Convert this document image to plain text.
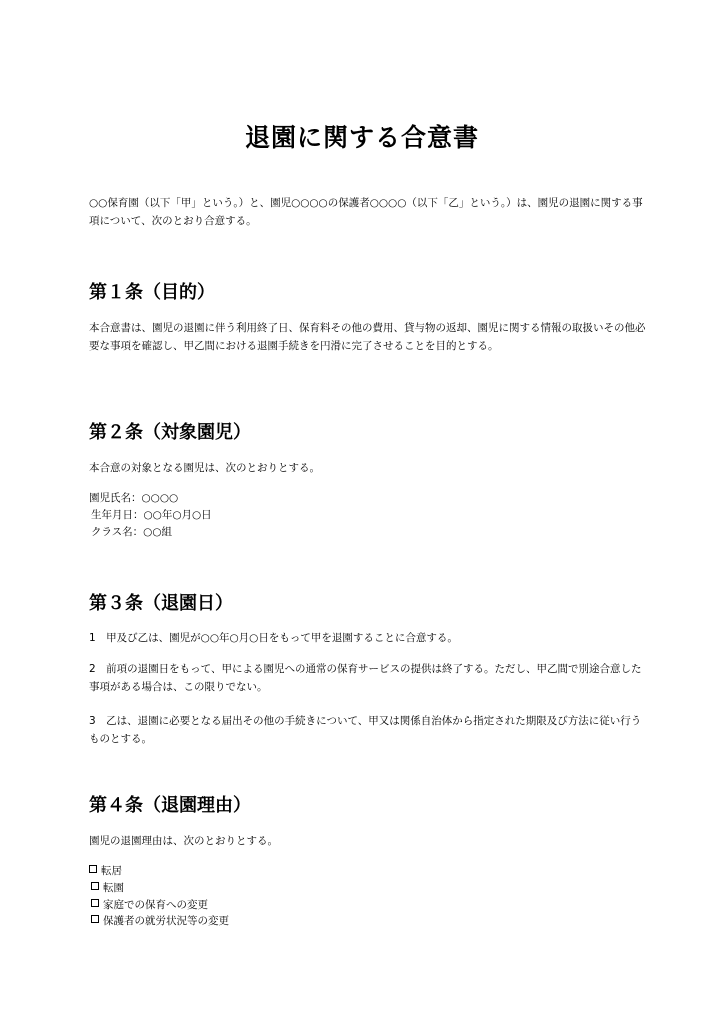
退園に関する合意書

○○保育園（以下「甲」という。）と、園児○○○○の保護者○○○○（以下「乙」という。）は、園児の退園に関する事項について、次のとおり合意する。

第１条（目的）

本合意書は、園児の退園に伴う利用終了日、保育料その他の費用、貸与物の返却、園児に関する情報の取扱いその他必要な事項を確認し、甲乙間における退園手続きを円滑に完了させることを目的とする。

第２条（対象園児）

本合意の対象となる園児は、次のとおりとする。

園児氏名：○○○○
生年月日：○○年○月○日
クラス名：○○組
第３条（退園日）

1　甲及び乙は、園児が○○年○月○日をもって甲を退園することに合意する。

2　前項の退園日をもって、甲による園児への通常の保育サービスの提供は終了する。ただし、甲乙間で別途合意した事項がある場合は、この限りでない。

3　乙は、退園に必要となる届出その他の手続きについて、甲又は関係自治体から指定された期限及び方法に従い行うものとする。

第４条（退園理由）

園児の退園理由は、次のとおりとする。

転居
転園
家庭での保育への変更
保護者の就労状況等の変更
